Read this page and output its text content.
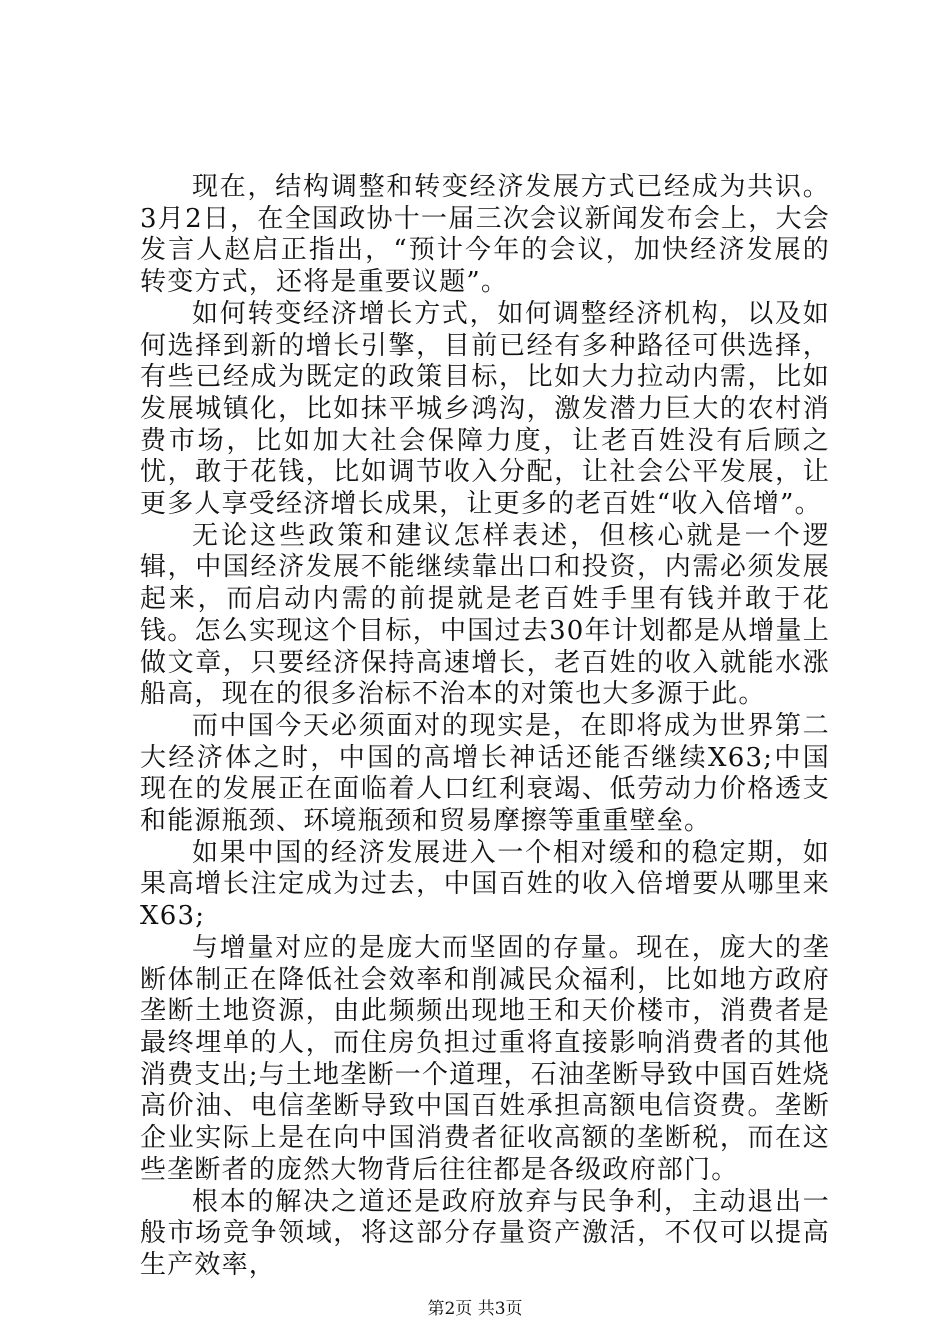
现在，结构调整和转变经济发展方式已经成为共识。3月2日，在全国政协十一届三次会议新闻发布会上，大会发言人赵启正指出，“预计今年的会议，加快经济发展的转变方式，还将是重要议题”。

如何转变经济增长方式，如何调整经济机构，以及如何选择到新的增长引擎，目前已经有多种路径可供选择，有些已经成为既定的政策目标，比如大力拉动内需，比如发展城镇化，比如抹平城乡鸿沟，激发潜力巨大的农村消费市场，比如加大社会保障力度，让老百姓没有后顾之忧，敢于花钱，比如调节收入分配，让社会公平发展，让更多人享受经济增长成果，让更多的老百姓“收入倍增”。

无论这些政策和建议怎样表述，但核心就是一个逻辑，中国经济发展不能继续靠出口和投资，内需必须发展起来，而启动内需的前提就是老百姓手里有钱并敢于花钱。怎么实现这个目标，中国过去30年计划都是从增量上做文章，只要经济保持高速增长，老百姓的收入就能水涨船高，现在的很多治标不治本的对策也大多源于此。

而中国今天必须面对的现实是，在即将成为世界第二大经济体之时，中国的高增长神话还能否继续X63;中国现在的发展正在面临着人口红利衰竭、低劳动力价格透支和能源瓶颈、环境瓶颈和贸易摩擦等重重壁垒。

如果中国的经济发展进入一个相对缓和的稳定期，如果高增长注定成为过去，中国百姓的收入倍增要从哪里来X63;

与增量对应的是庞大而坚固的存量。现在，庞大的垄断体制正在降低社会效率和削减民众福利，比如地方政府垄断土地资源，由此频频出现地王和天价楼市，消费者是最终埋单的人，而住房负担过重将直接影响消费者的其他消费支出;与土地垄断一个道理，石油垄断导致中国百姓烧高价油、电信垄断导致中国百姓承担高额电信资费。垄断企业实际上是在向中国消费者征收高额的垄断税，而在这些垄断者的庞然大物背后往往都是各级政府部门。

根本的解决之道还是政府放弃与民争利，主动退出一般市场竞争领域，将这部分存量资产激活，不仅可以提高生产效率，

第2页 共3页
